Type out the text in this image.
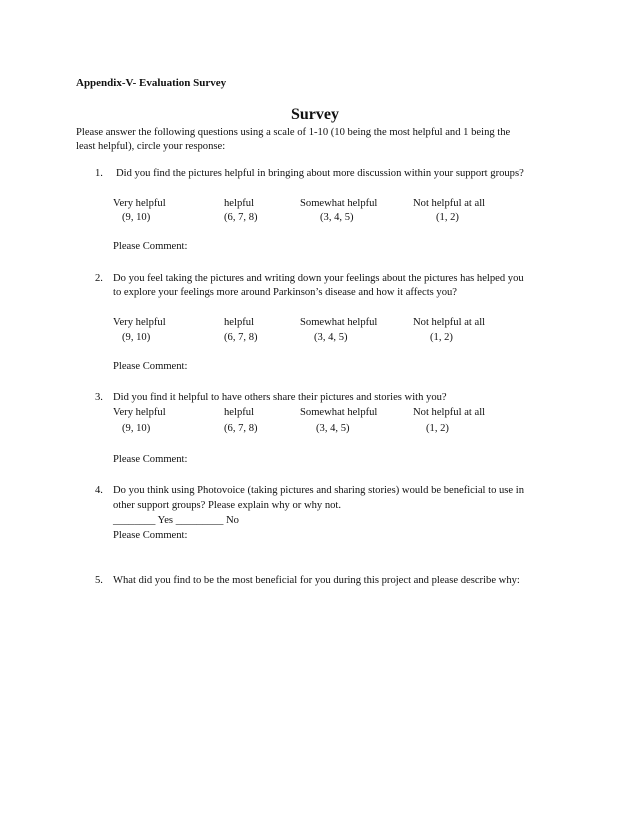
Appendix-V- Evaluation Survey
Survey
Please answer the following questions using a scale of 1-10 (10 being the most helpful and 1 being the
least helpful), circle your response:
1. Did you find the pictures helpful in bringing about more discussion within your support groups?
Very helpful	helpful	Somewhat helpful	Not helpful at all
(9, 10)	(6, 7, 8)	(3, 4, 5)	(1, 2)
Please Comment:
2. Do you feel taking the pictures and writing down your feelings about the pictures has helped you
to explore your feelings more around Parkinson’s disease and how it affects you?
Very helpful	helpful	Somewhat helpful	Not helpful at all
(9, 10)	(6, 7, 8)	(3, 4, 5)	(1, 2)
Please Comment:
3. Did you find it helpful to have others share their pictures and stories with you?
Very helpful	helpful	Somewhat helpful	Not helpful at all
(9, 10)	(6, 7, 8)	(3, 4, 5)	(1, 2)
Please Comment:
4. Do you think using Photovoice (taking pictures and sharing stories) would be beneficial to use in
other support groups? Please explain why or why not.
________ Yes _________ No
Please Comment:
5. What did you find to be the most beneficial for you during this project and please describe why:
